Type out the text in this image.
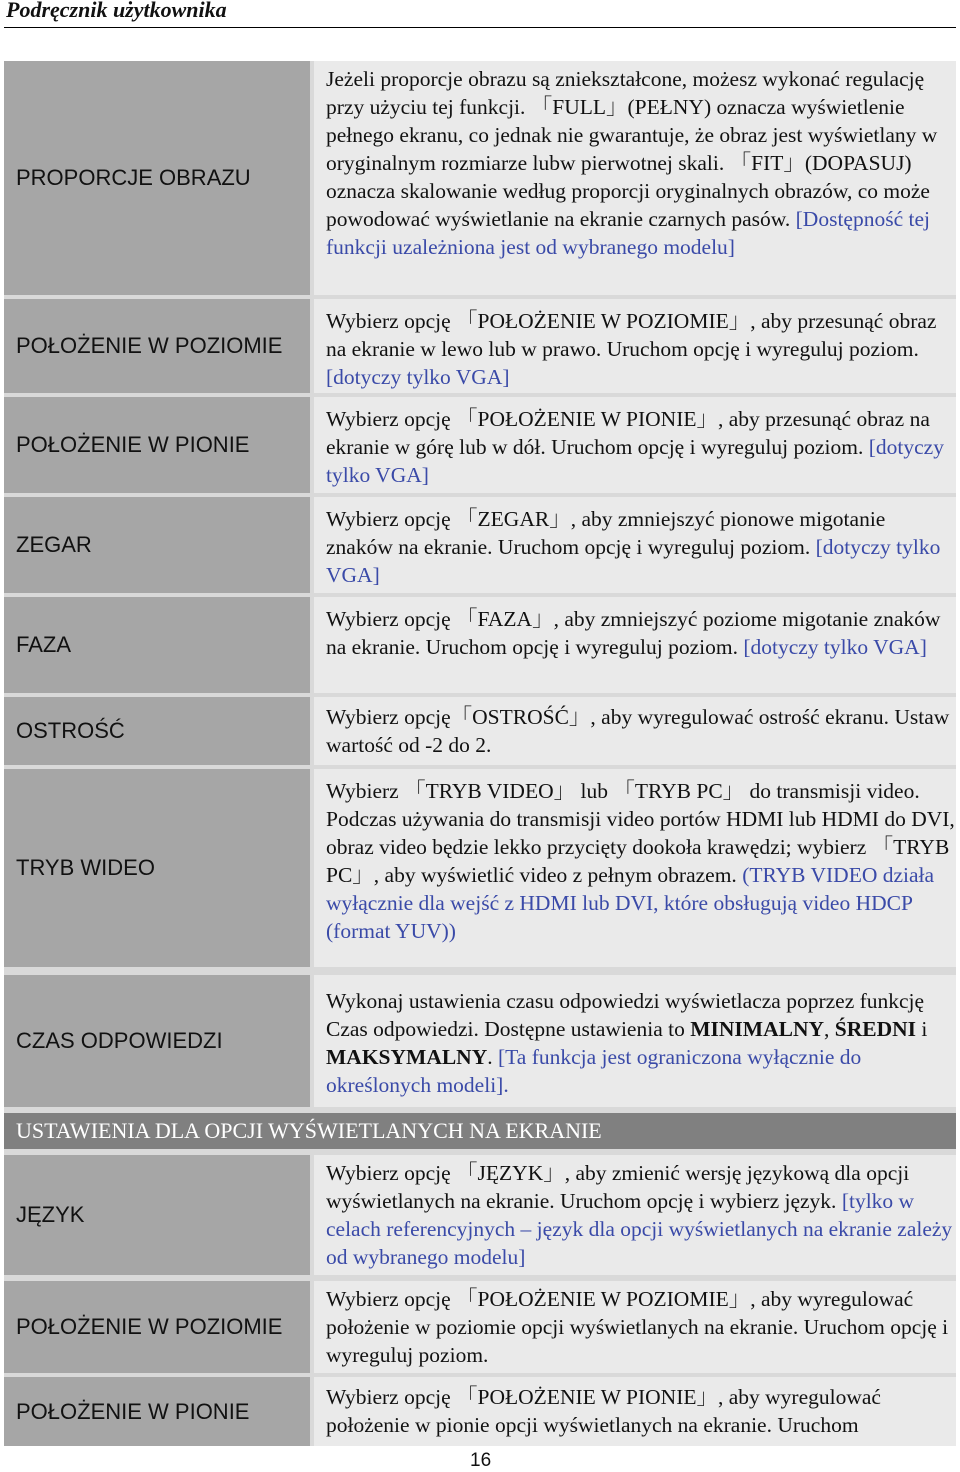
Podręcznik użytkownika
PROPORCJE OBRAZU
Jeżeli proporcje obrazu są zniekształcone, możesz wykonać regulację przy użyciu tej funkcji. 「FULL」(PEŁNY) oznacza wyświetlenie pełnego ekranu, co jednak nie gwarantuje, że obraz jest wyświetlany w oryginalnym rozmiarze lubw pierwotnej skali. 「FIT」(DOPASUJ) oznacza skalowanie według proporcji oryginalnych obrazów, co może powodować wyświetlanie na ekranie czarnych pasów. [Dostępność tej funkcji uzależniona jest od wybranego modelu]
POŁOŻENIE W POZIOMIE
Wybierz opcję 「POŁOŻENIE W POZIOMIE」, aby przesunąć obraz na ekranie w lewo lub w prawo. Uruchom opcję i wyreguluj poziom. [dotyczy tylko VGA]
POŁOŻENIE W PIONIE
Wybierz opcję 「POŁOŻENIE W PIONIE」, aby przesunąć obraz na ekranie w górę lub w dół. Uruchom opcję i wyreguluj poziom. [dotyczy tylko VGA]
ZEGAR
Wybierz opcję 「ZEGAR」, aby zmniejszyć pionowe migotanie znaków na ekranie. Uruchom opcję i wyreguluj poziom. [dotyczy tylko VGA]
FAZA
Wybierz opcję 「FAZA」, aby zmniejszyć poziome migotanie znaków na ekranie. Uruchom opcję i wyreguluj poziom. [dotyczy tylko VGA]
OSTROŚĆ
Wybierz opcję「OSTROŚĆ」, aby wyregulować ostrość ekranu. Ustaw wartość od -2 do 2.
TRYB WIDEO
Wybierz 「TRYB VIDEO」 lub 「TRYB PC」 do transmisji video. Podczas używania do transmisji video portów HDMI lub HDMI do DVI, obraz video będzie lekko przycięty dookoła krawędzi; wybierz 「TRYB PC」, aby wyświetlić video z pełnym obrazem. (TRYB VIDEO działa wyłącznie dla wejść z HDMI lub DVI, które obsługują video HDCP (format YUV))
CZAS ODPOWIEDZI
Wykonaj ustawienia czasu odpowiedzi wyświetlacza poprzez funkcję Czas odpowiedzi. Dostępne ustawienia to MINIMALNY, ŚREDNI i MAKSYMALNY. [Ta funkcja jest ograniczona wyłącznie do określonych modeli].
USTAWIENIA DLA OPCJI WYŚWIETLANYCH NA EKRANIE
JĘZYK
Wybierz opcję 「JĘZYK」, aby zmienić wersję językową dla opcji wyświetlanych na ekranie. Uruchom opcję i wybierz język. [tylko w celach referencyjnych – język dla opcji wyświetlanych na ekranie zależy od wybranego modelu]
POŁOŻENIE W POZIOMIE
Wybierz opcję 「POŁOŻENIE W POZIOMIE」, aby wyregulować położenie w poziomie opcji wyświetlanych na ekranie. Uruchom opcję i wyreguluj poziom.
POŁOŻENIE W PIONIE
Wybierz opcję 「POŁOŻENIE W PIONIE」, aby wyregulować położenie w pionie opcji wyświetlanych na ekranie. Uruchom
16
